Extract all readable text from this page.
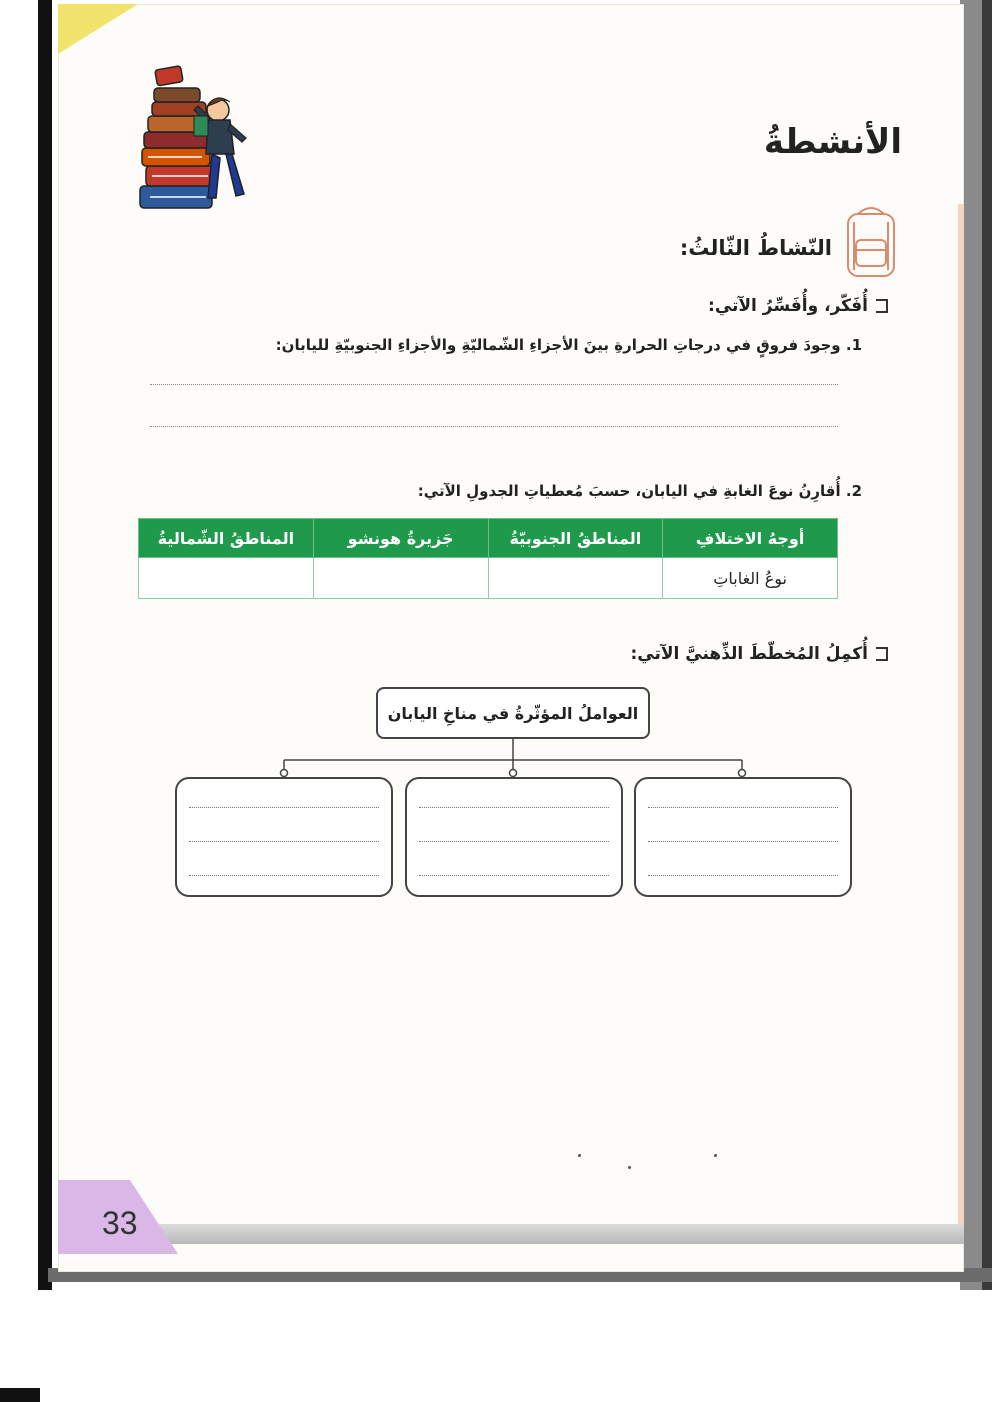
الأنشطةُ
النّشاطُ الثّالثُ:
أُفَكّر، وأُفَسِّرُ الآتي:
1. وجودَ فروقٍ في درجاتِ الحرارةِ بينَ الأجزاءِ الشّماليّةِ والأجزاءِ الجنوبيّةِ لليابان:
2. أُقارِنُ نوعَ الغابةِ في اليابان، حسبَ مُعطياتِ الجدولِ الآتي:
أوجهُ الاختلافِ	المناطقُ الجنوبيّةُ	جَزيرةُ هونشو	المناطقُ الشّماليةُ
نوعُ الغاباتِ			
أُكمِلُ المُخطّطَ الذِّهنيَّ الآتي:
العواملُ المؤثّرةُ في مناخِ اليابان
33
